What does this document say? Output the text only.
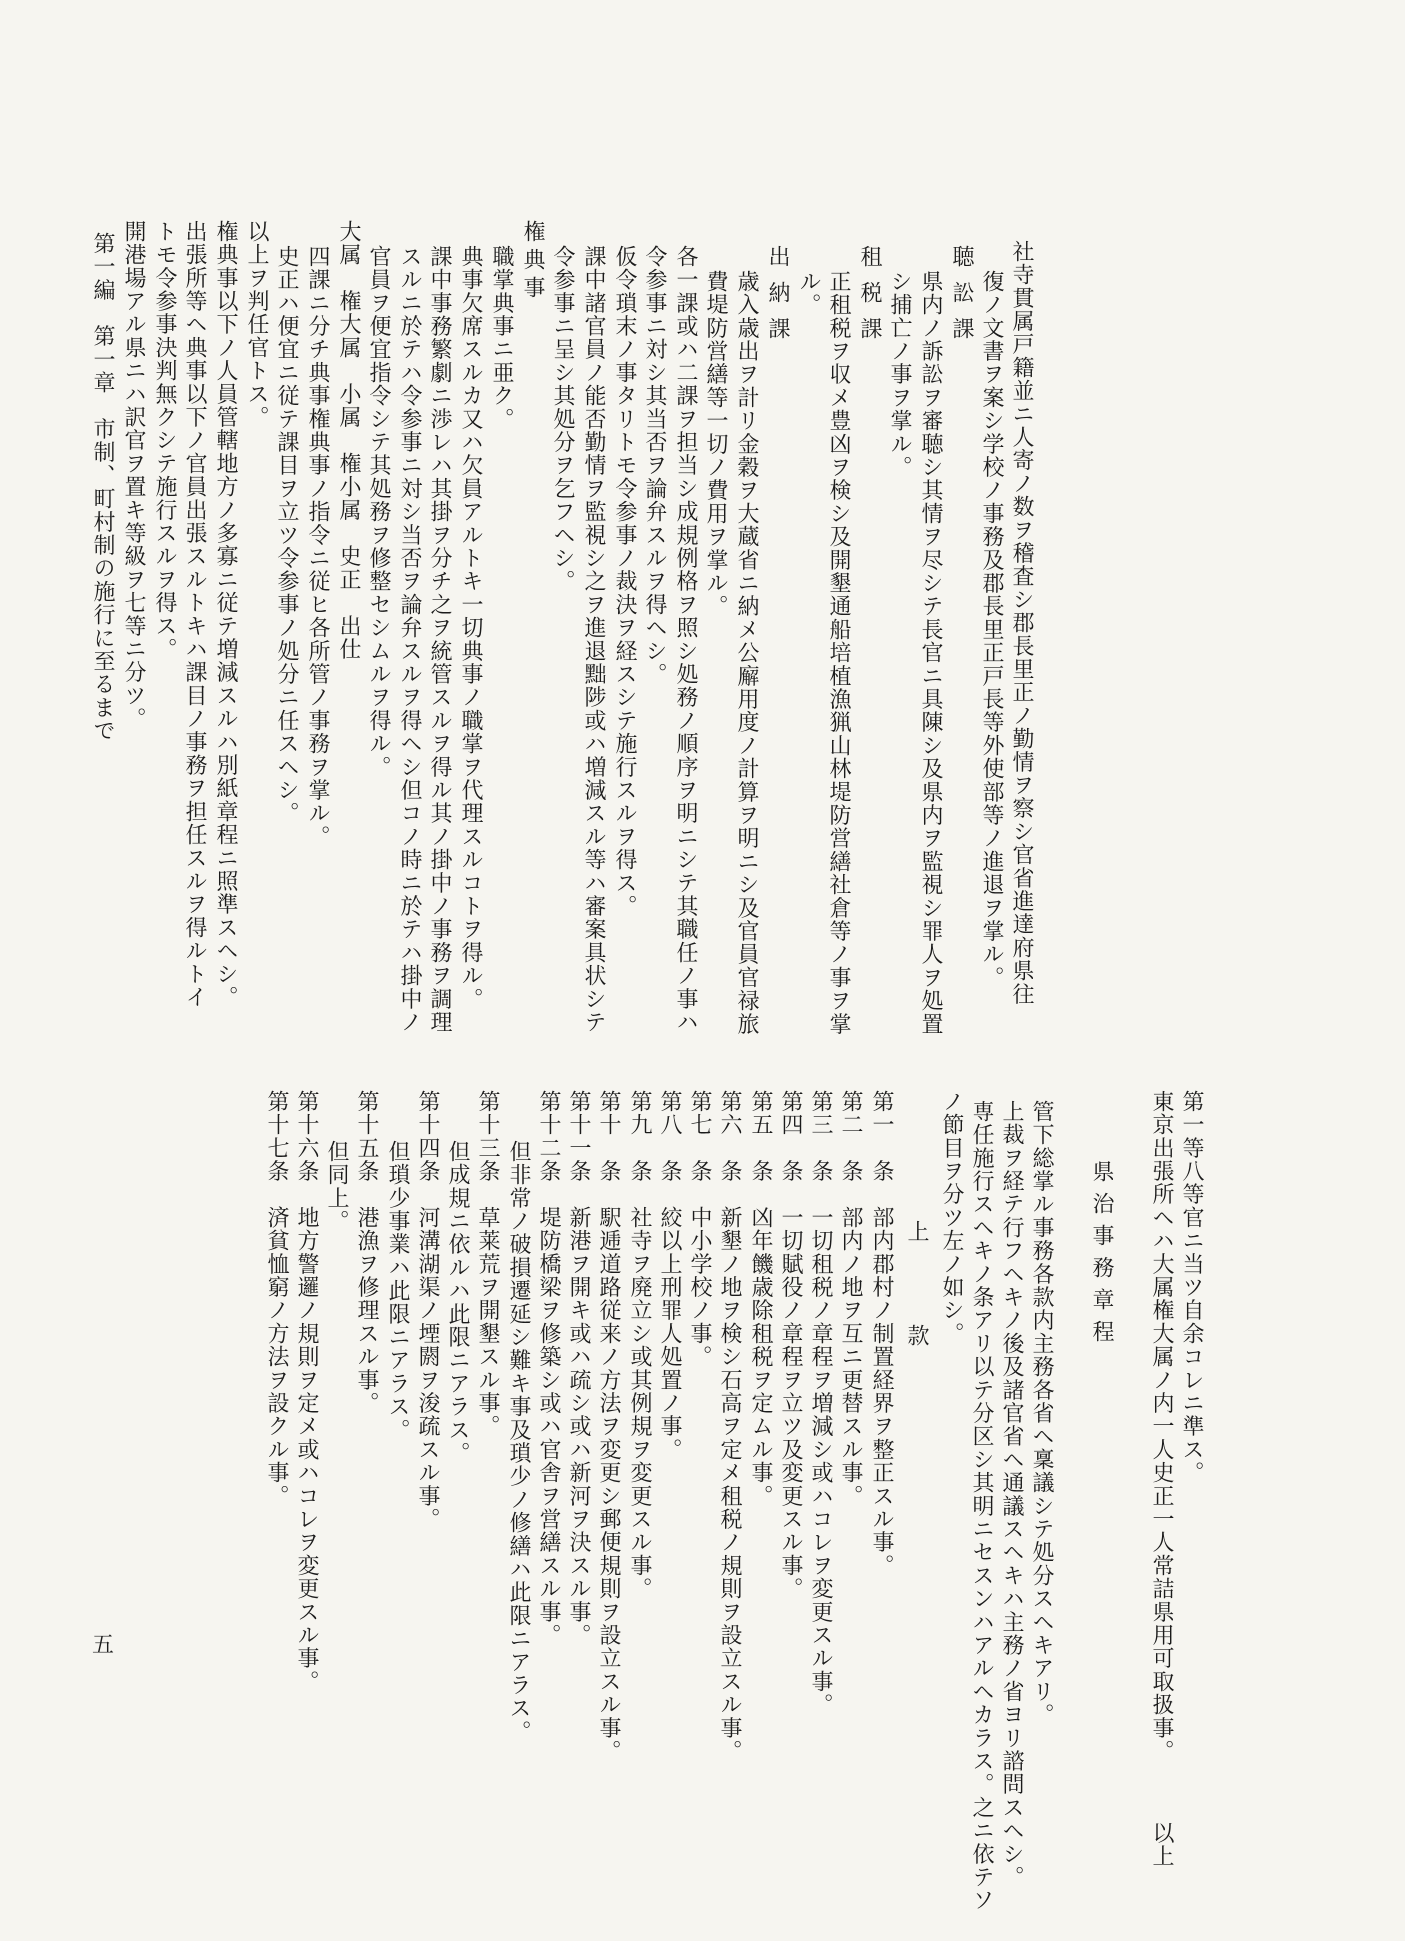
社寺貫属戸籍並ニ人寄ノ数ヲ稽査シ郡長里正ノ勤情ヲ察シ官省進達府県往
復ノ文書ヲ案シ学校ノ事務及郡長里正戸長等外使部等ノ進退ヲ掌ル。
聴訟課
県内ノ訴訟ヲ審聴シ其情ヲ尽シテ長官ニ具陳シ及県内ヲ監視シ罪人ヲ処置
シ捕亡ノ事ヲ掌ル。
租税課
正租税ヲ収メ豊凶ヲ検シ及開墾通船培植漁猟山林堤防営繕社倉等ノ事ヲ掌
ル。
出納課
歳入歳出ヲ計リ金穀ヲ大蔵省ニ納メ公廨用度ノ計算ヲ明ニシ及官員官禄旅
費堤防営繕等一切ノ費用ヲ掌ル。
各一課或ハ二課ヲ担当シ成規例格ヲ照シ処務ノ順序ヲ明ニシテ其職任ノ事ハ
令参事ニ対シ其当否ヲ論弁スルヲ得ヘシ。
仮令瑣末ノ事タリトモ令参事ノ裁決ヲ経スシテ施行スルヲ得ス。
課中諸官員ノ能否勤情ヲ監視シ之ヲ進退黜陟或ハ増減スル等ハ審案具状シテ
令参事ニ呈シ其処分ヲ乞フヘシ。
権典事
職掌典事ニ亜ク。
典事欠席スルカ又ハ欠員アルトキ一切典事ノ職掌ヲ代理スルコトヲ得ル。
課中事務繁劇ニ渉レハ其掛ヲ分チ之ヲ統管スルヲ得ル其ノ掛中ノ事務ヲ調理
スルニ於テハ令参事ニ対シ当否ヲ論弁スルヲ得ヘシ但コノ時ニ於テハ掛中ノ
官員ヲ便宜指令シテ其処務ヲ修整セシムルヲ得ル。
大属　権大属　小属　権小属　史正　出仕
四課ニ分チ典事権典事ノ指令ニ従ヒ各所管ノ事務ヲ掌ル。
史正ハ便宜ニ従テ課目ヲ立ツ令参事ノ処分ニ任スヘシ。
以上ヲ判任官トス。
権典事以下ノ人員管轄地方ノ多寡ニ従テ増減スルハ別紙章程ニ照準スヘシ。
出張所等ヘ典事以下ノ官員出張スルトキハ課目ノ事務ヲ担任スルヲ得ルトイ
トモ令参事決判無クシテ施行スルヲ得ス。
開港場アル県ニハ訳官ヲ置キ等級ヲ七等ニ分ツ。
第一編　第一章　市制、町村制の施行に至るまで
第一等八等官ニ当ツ自余コレニ準ス。
東京出張所ヘハ大属権大属ノ内一人史正一人常詰県用可取扱事。　　　以上
県治事務章程
管下総掌ル事務各款内主務各省ヘ稟議シテ処分スヘキアリ。
上裁ヲ経テ行フヘキノ後及諸官省ヘ通議スヘキハ主務ノ省ヨリ諮問スヘシ。
専任施行スヘキノ条アリ以テ分区シ其明ニセスンハアルヘカラス。之ニ依テソ
ノ節目ヲ分ツ左ノ如シ。
上　款
第一　条　部内郡村ノ制置経界ヲ整正スル事。
第二　条　部内ノ地ヲ互ニ更替スル事。
第三　条　一切租税ノ章程ヲ増減シ或ハコレヲ変更スル事。
第四　条　一切賦役ノ章程ヲ立ツ及変更スル事。
第五　条　凶年饑歳除租税ヲ定ムル事。
第六　条　新墾ノ地ヲ検シ石高ヲ定メ租税ノ規則ヲ設立スル事。
第七　条　中小学校ノ事。
第八　条　絞以上刑罪人処置ノ事。
第九　条　社寺ヲ廃立シ或其例規ヲ変更スル事。
第十　条　駅逓道路従来ノ方法ヲ変更シ郵便規則ヲ設立スル事。
第十一条　新港ヲ開キ或ハ疏シ或ハ新河ヲ決スル事。
第十二条　堤防橋梁ヲ修築シ或ハ官舎ヲ営繕スル事。
但非常ノ破損遷延シ難キ事及瑣少ノ修繕ハ此限ニアラス。
第十三条　草莱荒ヲ開墾スル事。
但成規ニ依ルハ此限ニアラス。
第十四条　河溝湖渠ノ堙閼ヲ浚疏スル事。
但瑣少事業ハ此限ニアラス。
第十五条　港漁ヲ修理スル事。
但同上。
第十六条　地方警邏ノ規則ヲ定メ或ハコレヲ変更スル事。
第十七条　済貧恤窮ノ方法ヲ設クル事。
五
